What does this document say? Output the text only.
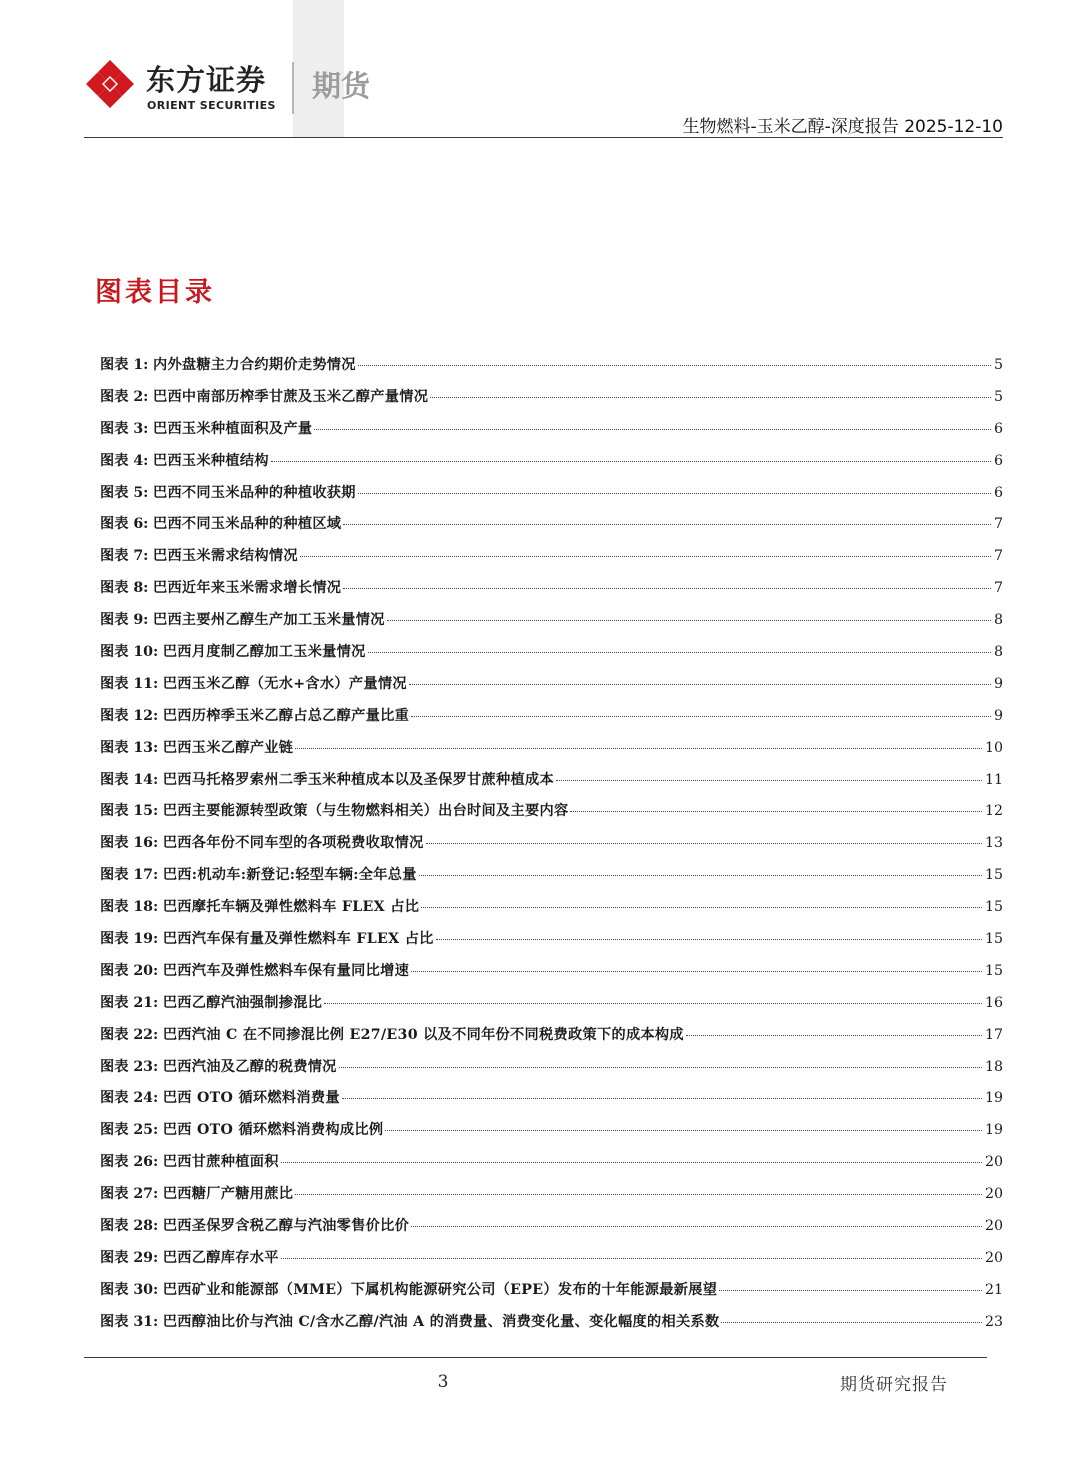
东方证券
ORIENT SECURITIES
期货
生物燃料-玉米乙醇-深度报告 2025-12-10
图表目录
图表 1:
内外盘糖主力合约期价走势情况	5
图表 2:
巴西中南部历榨季甘蔗及玉米乙醇产量情况	5
图表 3:
巴西玉米种植面积及产量	6
图表 4:
巴西玉米种植结构	6
图表 5:
巴西不同玉米品种的种植收获期	6
图表 6:
巴西不同玉米品种的种植区域	7
图表 7:
巴西玉米需求结构情况	7
图表 8:
巴西近年来玉米需求增长情况	7
图表 9:
巴西主要州乙醇生产加工玉米量情况	8
图表 10:
巴西月度制乙醇加工玉米量情况	8
图表 11:
巴西玉米乙醇（无水+含水）产量情况	9
图表 12:
巴西历榨季玉米乙醇占总乙醇产量比重	9
图表 13:
巴西玉米乙醇产业链	10
图表 14:
巴西马托格罗索州二季玉米种植成本以及圣保罗甘蔗种植成本	11
图表 15:
巴西主要能源转型政策（与生物燃料相关）出台时间及主要内容	12
图表 16:
巴西各年份不同车型的各项税费收取情况	13
图表 17:
巴西:机动车:新登记:轻型车辆:全年总量	15
图表 18:
巴西摩托车辆及弹性燃料车 FLEX 占比	15
图表 19:
巴西汽车保有量及弹性燃料车 FLEX 占比	15
图表 20:
巴西汽车及弹性燃料车保有量同比增速	15
图表 21:
巴西乙醇汽油强制掺混比	16
图表 22:
巴西汽油 C 在不同掺混比例 E27/E30 以及不同年份不同税费政策下的成本构成	17
图表 23:
巴西汽油及乙醇的税费情况	18
图表 24:
巴西 OTO 循环燃料消费量	19
图表 25:
巴西 OTO 循环燃料消费构成比例	19
图表 26:
巴西甘蔗种植面积	20
图表 27:
巴西糖厂产糖用蔗比	20
图表 28:
巴西圣保罗含税乙醇与汽油零售价比价	20
图表 29:
巴西乙醇库存水平	20
图表 30:
巴西矿业和能源部（MME）下属机构能源研究公司（EPE）发布的十年能源最新展望	21
图表 31:
巴西醇油比价与汽油 C/含水乙醇/汽油 A 的消费量、消费变化量、变化幅度的相关系数	23
3	期货研究报告
